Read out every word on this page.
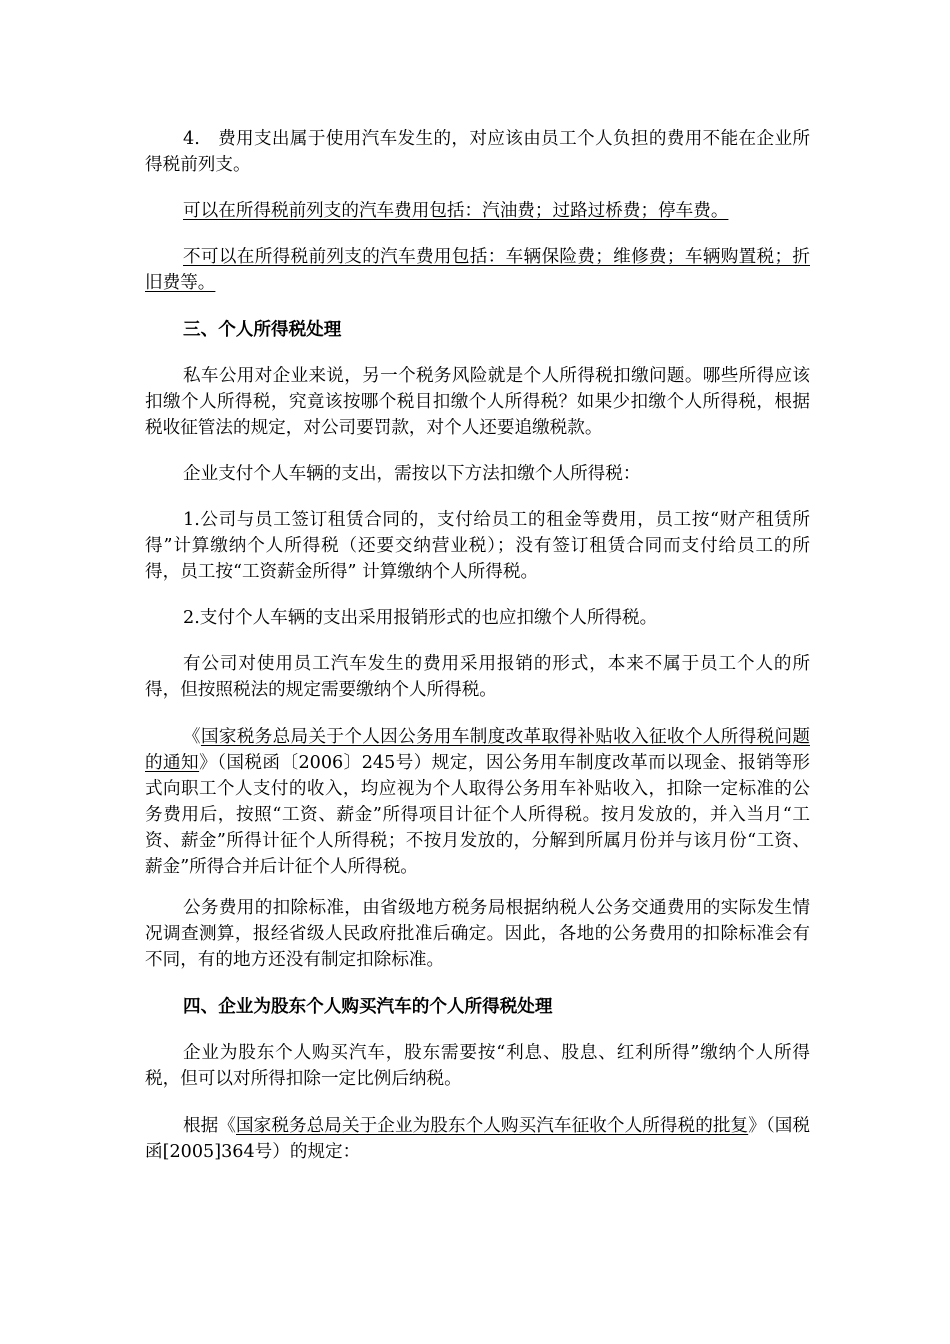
4.　费用支出属于使用汽车发生的，对应该由员工个人负担的费用不能在企业所得税前列支。

可以在所得税前列支的汽车费用包括：汽油费；过路过桥费；停车费。

不可以在所得税前列支的汽车费用包括：车辆保险费；维修费；车辆购置税；折旧费等。

三、个人所得税处理

私车公用对企业来说，另一个税务风险就是个人所得税扣缴问题。哪些所得应该扣缴个人所得税，究竟该按哪个税目扣缴个人所得税？如果少扣缴个人所得税，根据税收征管法的规定，对公司要罚款，对个人还要追缴税款。

企业支付个人车辆的支出，需按以下方法扣缴个人所得税：

1.公司与员工签订租赁合同的，支付给员工的租金等费用，员工按“财产租赁所得”计算缴纳个人所得税（还要交纳营业税）；没有签订租赁合同而支付给员工的所得，员工按“工资薪金所得” 计算缴纳个人所得税。

2.支付个人车辆的支出采用报销形式的也应扣缴个人所得税。

有公司对使用员工汽车发生的费用采用报销的形式，本来不属于员工个人的所得，但按照税法的规定需要缴纳个人所得税。

《国家税务总局关于个人因公务用车制度改革取得补贴收入征收个人所得税问题的通知》（国税函〔2006〕245号）规定，因公务用车制度改革而以现金、报销等形式向职工个人支付的收入，均应视为个人取得公务用车补贴收入，扣除一定标准的公务费用后，按照“工资、薪金”所得项目计征个人所得税。按月发放的，并入当月“工资、薪金”所得计征个人所得税；不按月发放的，分解到所属月份并与该月份“工资、薪金”所得合并后计征个人所得税。

公务费用的扣除标准，由省级地方税务局根据纳税人公务交通费用的实际发生情况调查测算，报经省级人民政府批准后确定。因此，各地的公务费用的扣除标准会有不同，有的地方还没有制定扣除标准。

四、企业为股东个人购买汽车的个人所得税处理

企业为股东个人购买汽车，股东需要按“利息、股息、红利所得”缴纳个人所得税，但可以对所得扣除一定比例后纳税。

根据《国家税务总局关于企业为股东个人购买汽车征收个人所得税的批复》（国税函[2005]364号）的规定：
